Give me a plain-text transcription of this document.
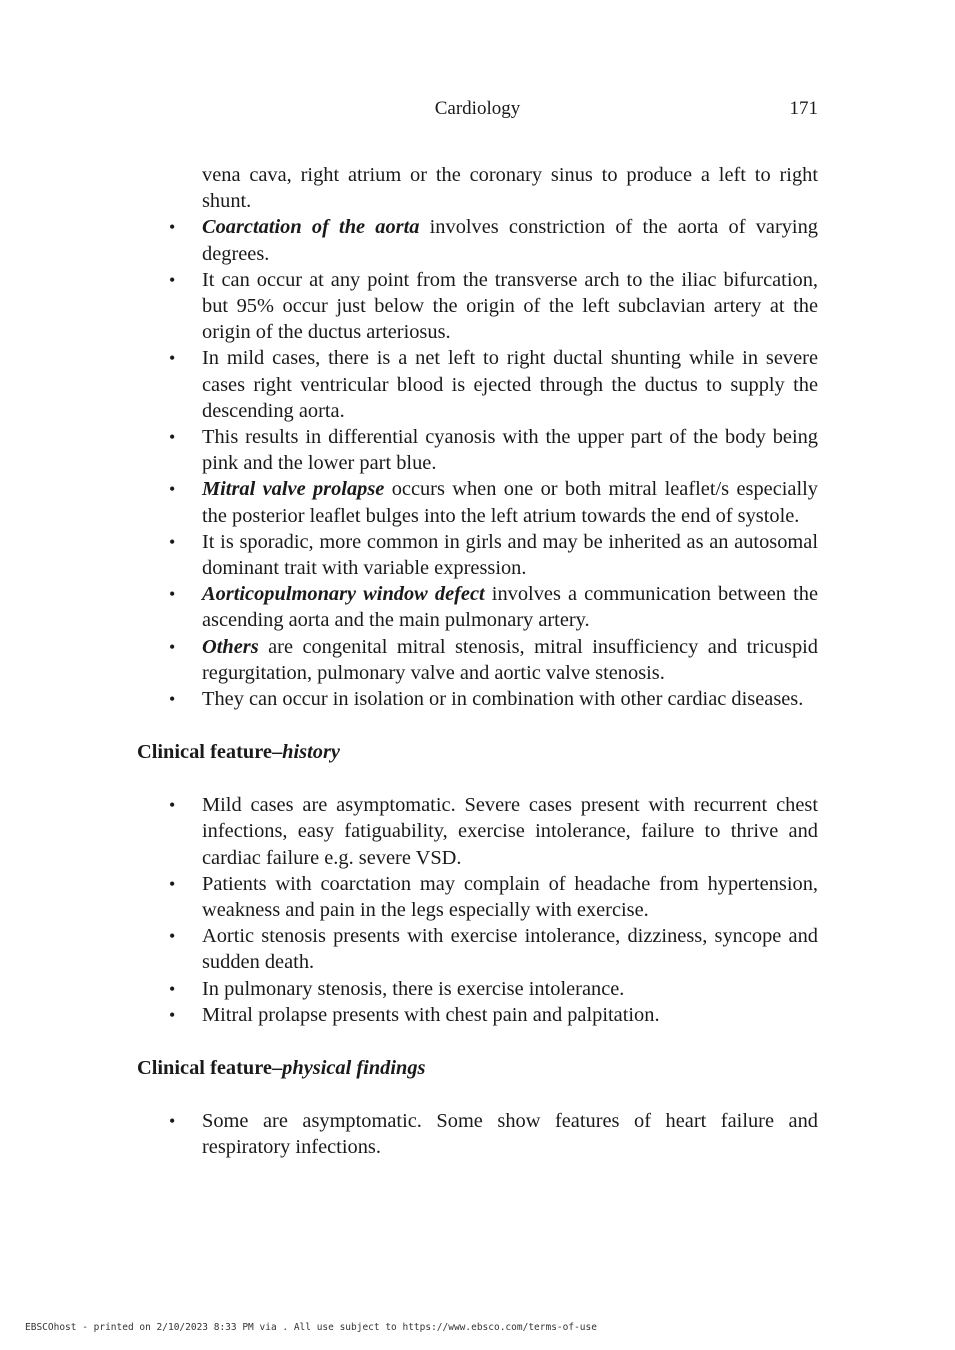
Cardiology	171
vena cava, right atrium or the coronary sinus to produce a left to right shunt.
• Coarctation of the aorta involves constriction of the aorta of varying degrees.
• It can occur at any point from the transverse arch to the iliac bifurcation, but 95% occur just below the origin of the left subclavian artery at the origin of the ductus arteriosus.
• In mild cases, there is a net left to right ductal shunting while in severe cases right ventricular blood is ejected through the ductus to supply the descending aorta.
• This results in differential cyanosis with the upper part of the body being pink and the lower part blue.
• Mitral valve prolapse occurs when one or both mitral leaflet/s especially the posterior leaflet bulges into the left atrium towards the end of systole.
• It is sporadic, more common in girls and may be inherited as an autosomal dominant trait with variable expression.
• Aorticopulmonary window defect involves a communication between the ascending aorta and the main pulmonary artery.
• Others are congenital mitral stenosis, mitral insufficiency and tricuspid regurgitation, pulmonary valve and aortic valve stenosis.
• They can occur in isolation or in combination with other cardiac diseases.
Clinical feature–history
• Mild cases are asymptomatic. Severe cases present with recurrent chest infections, easy fatiguability, exercise intolerance, failure to thrive and cardiac failure e.g. severe VSD.
• Patients with coarctation may complain of headache from hypertension, weakness and pain in the legs especially with exercise.
• Aortic stenosis presents with exercise intolerance, dizziness, syncope and sudden death.
• In pulmonary stenosis, there is exercise intolerance.
• Mitral prolapse presents with chest pain and palpitation.
Clinical feature–physical findings
• Some are asymptomatic. Some show features of heart failure and respiratory infections.
EBSCOhost - printed on 2/10/2023 8:33 PM via . All use subject to https://www.ebsco.com/terms-of-use
